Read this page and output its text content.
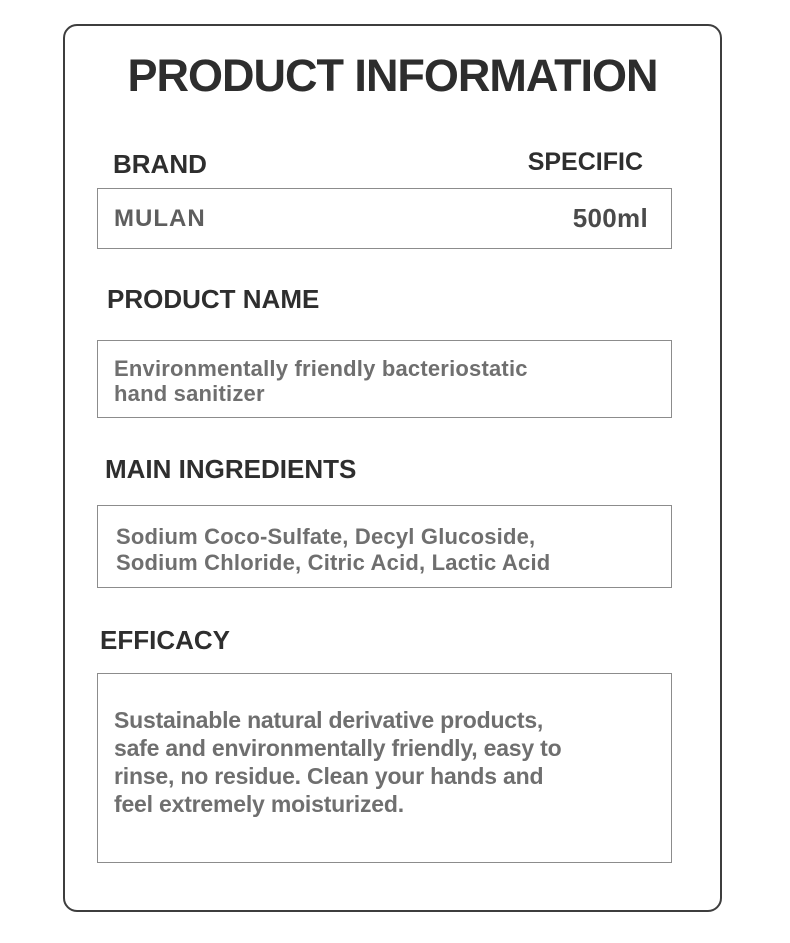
PRODUCT INFORMATION
BRAND	SPECIFIC
MULAN	500ml
PRODUCT NAME
Environmentally friendly bacteriostatic
hand sanitizer
MAIN INGREDIENTS
Sodium Coco-Sulfate, Decyl Glucoside,
Sodium Chloride, Citric Acid, Lactic Acid
EFFICACY
Sustainable natural derivative products,
safe and environmentally friendly, easy to
rinse, no residue. Clean your hands and
feel extremely moisturized.
